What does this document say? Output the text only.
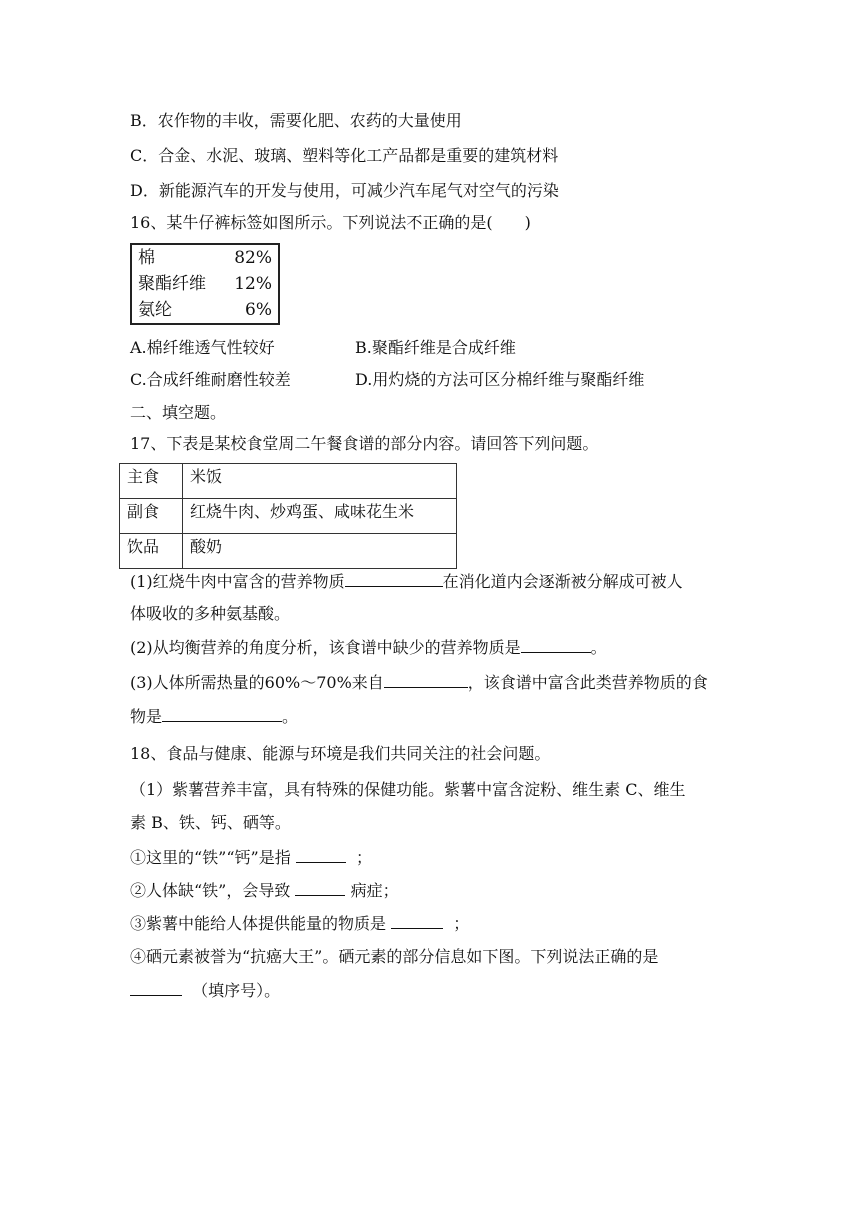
B．农作物的丰收，需要化肥、农药的大量使用
C．合金、水泥、玻璃、塑料等化工产品都是重要的建筑材料
D．新能源汽车的开发与使用，可减少汽车尾气对空气的污染
16、某牛仔裤标签如图所示。下列说法不正确的是(　　)
棉	82%
聚酯纤维 12%
氨纶	6%
A.棉纤维透气性较好	B.聚酯纤维是合成纤维
C.合成纤维耐磨性较差	D.用灼烧的方法可区分棉纤维与聚酯纤维
二、填空题。
17、下表是某校食堂周二午餐食谱的部分内容。请回答下列问题。
主食	米饭
副食	红烧牛肉、炒鸡蛋、咸味花生米
饮品	酸奶
(1)红烧牛肉中富含的营养物质	在消化道内会逐渐被分解成可被人
体吸收的多种氨基酸。
(2)从均衡营养的角度分析，该食谱中缺少的营养物质是	。
(3)人体所需热量的60%～70%来自	，该食谱中富含此类营养物质的食
物是	。
18、食品与健康、能源与环境是我们共同关注的社会问题。
（1）紫薯营养丰富，具有特殊的保健功能。紫薯中富含淀粉、维生素 C、维生
素 B、铁、钙、硒等。
①这里的“铁”“钙”是指	；
②人体缺“铁”，会导致	病症；
③紫薯中能给人体提供能量的物质是	；
④硒元素被誉为“抗癌大王”。硒元素的部分信息如下图。下列说法正确的是
（填序号）。
